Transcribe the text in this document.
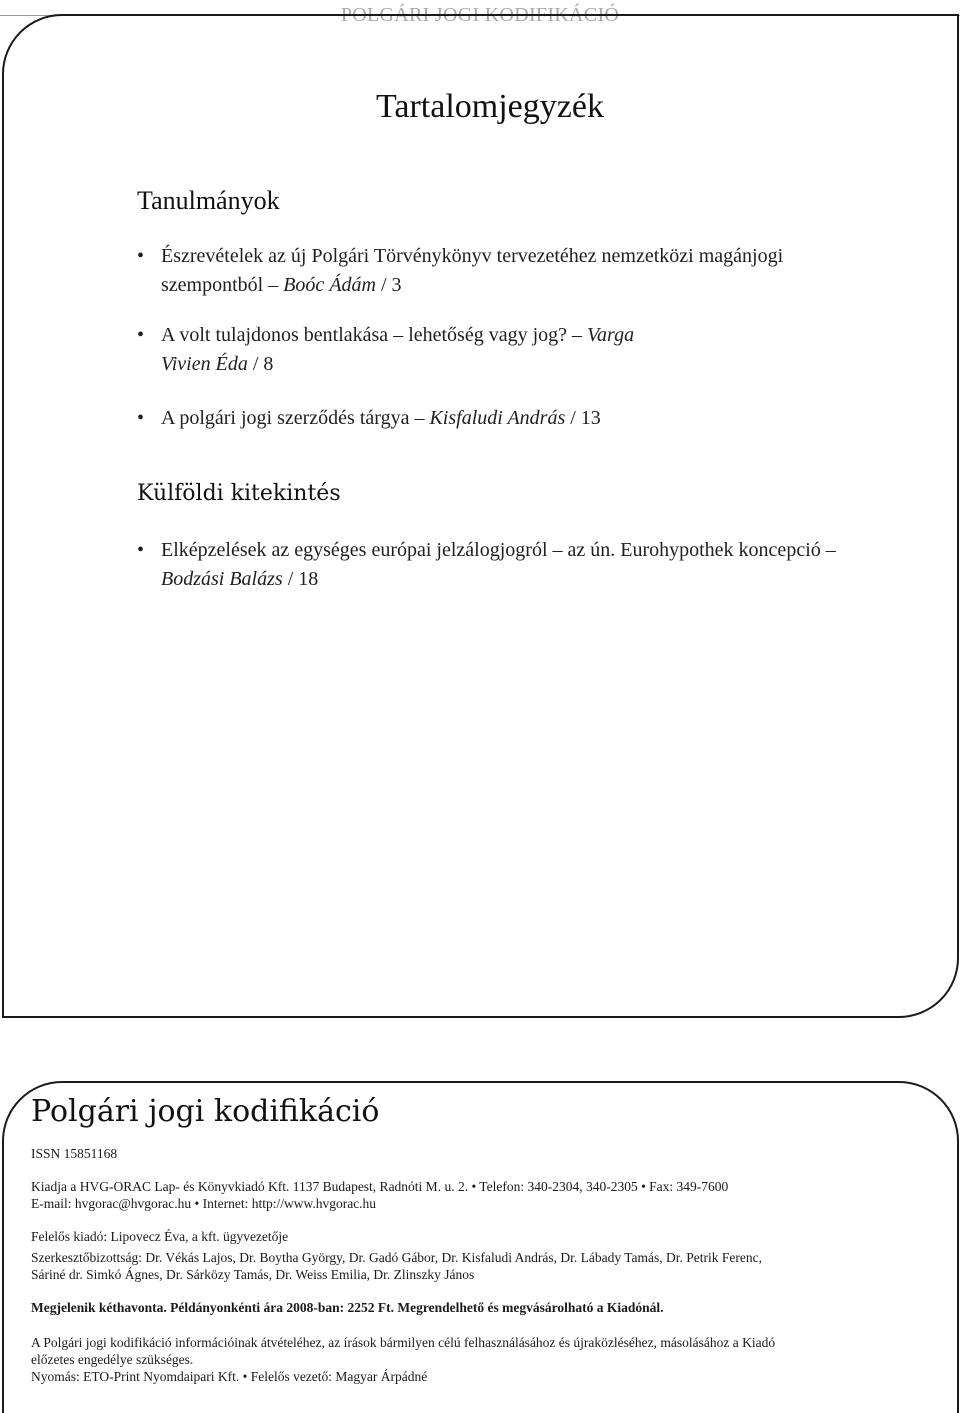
POLGÁRI JOGI KODIFIKÁCIÓ
Tartalomjegyzék
Tanulmányok
• Észrevételek az új Polgári Törvénykönyv tervezetéhez nemzetközi magánjogi szempontból – Boóc Ádám / 3
• A volt tulajdonos bentlakása – lehetőség vagy jog? – Varga Vivien Éda / 8
• A polgári jogi szerződés tárgya – Kisfaludi András / 13
Külföldi kitekintés
• Elképzelések az egységes európai jelzálogjogról – az ún. Eurohypothek koncepció – Bodzási Balázs / 18
Polgári jogi kodifikáció
ISSN 15851168
Kiadja a HVG-ORAC Lap- és Könyvkiadó Kft. 1137 Budapest, Radnóti M. u. 2. • Telefon: 340-2304, 340-2305 • Fax: 349-7600
E-mail: hvgorac@hvgorac.hu • Internet: http://www.hvgorac.hu
Felelős kiadó: Lipovecz Éva, a kft. ügyvezetője
Szerkesztőbizottság: Dr. Vékás Lajos, Dr. Boytha György, Dr. Gadó Gábor, Dr. Kisfaludi András, Dr. Lábady Tamás, Dr. Petrik Ferenc,
Sáriné dr. Simkó Ágnes, Dr. Sárközy Tamás, Dr. Weiss Emilia, Dr. Zlinszky János
Megjelenik kéthavonta. Példányonkénti ára 2008-ban: 2252 Ft. Megrendelhető és megvásárolható a Kiadónál.
A Polgári jogi kodifikáció információinak átvételéhez, az írások bármilyen célú felhasználásához és újraközléséhez, másolásához a Kiadó
előzetes engedélye szükséges.
Nyomás: ETO-Print Nyomdaipari Kft. • Felelős vezető: Magyar Árpádné
